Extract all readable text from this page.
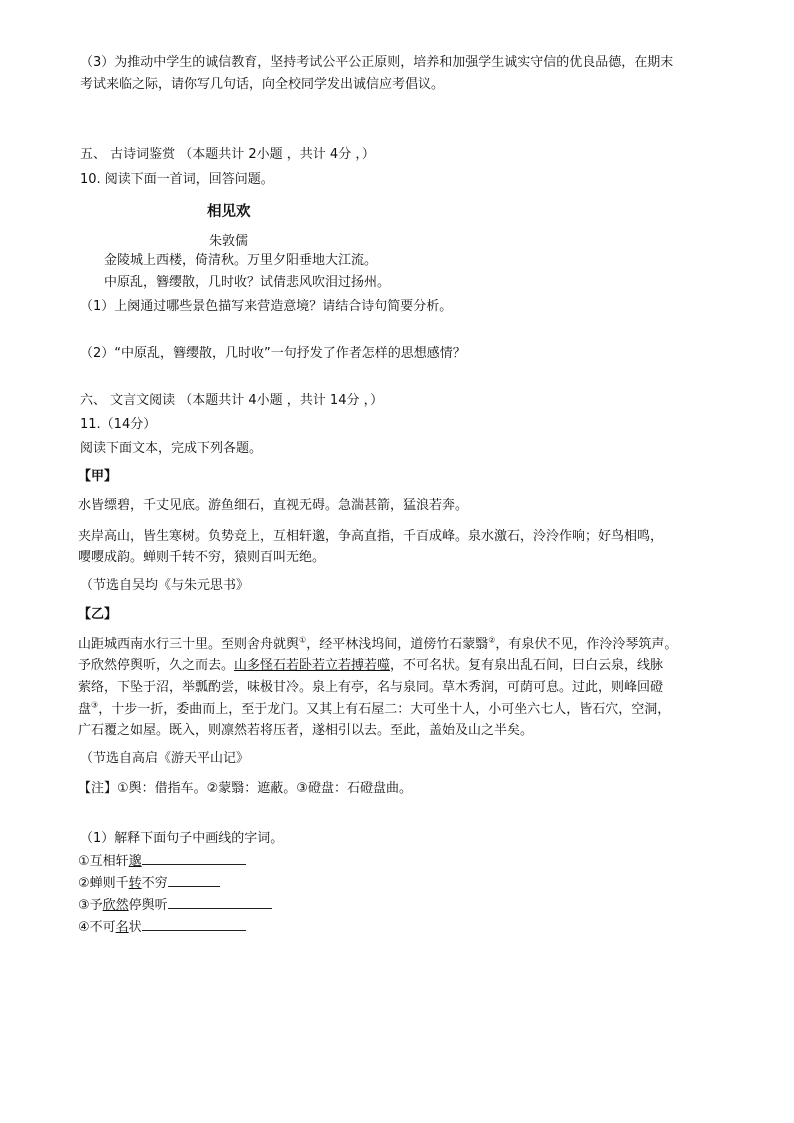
（3）为推动中学生的诚信教育，坚持考试公平公正原则，培养和加强学生诚实守信的优良品德，在期末
考试来临之际，请你写几句话，向全校同学发出诚信应考倡议。
五、 古诗词鉴赏 （本题共计 2小题 ，共计 4分 ，）
10. 阅读下面一首词，回答问题。
相见欢
朱敦儒
金陵城上西楼，倚清秋。万里夕阳垂地大江流。
中原乱，簪缨散，几时收？试倩悲风吹泪过扬州。
（1）上阕通过哪些景色描写来营造意境？请结合诗句简要分析。
（2）“中原乱，簪缨散，几时收”一句抒发了作者怎样的思想感情？
六、 文言文阅读 （本题共计 4小题 ，共计 14分 ，）
11.（14分）
阅读下面文本，完成下列各题。
【甲】
水皆缥碧，千丈见底。游鱼细石，直视无碍。急湍甚箭，猛浪若奔。
夹岸高山，皆生寒树。负势竞上，互相轩邈，争高直指，千百成峰。泉水激石，泠泠作响；好鸟相鸣，
嘤嘤成韵。蝉则千转不穷，猿则百叫无绝。
（节选自吴均《与朱元思书》
【乙】
山距城西南水行三十里。至则舍舟就舆①，经平林浅坞间，道傍竹石蒙翳②，有泉伏不见，作泠泠琴筑声。
予欣然停舆听，久之而去。山多怪石若卧若立若搏若噬，不可名状。复有泉出乱石间，曰白云泉，线脉
萦络，下坠于沼，举瓢酌尝，味极甘冷。泉上有亭，名与泉同。草木秀润，可荫可息。过此，则峰回磴
盘③，十步一折，委曲而上，至于龙门。又其上有石屋二：大可坐十人，小可坐六七人，皆石穴，空洞，
广石覆之如屋。既入，则凛然若将压者，遂相引以去。至此，盖始及山之半矣。
（节选自高启《游天平山记》
【注】①舆：借指车。②蒙翳：遮蔽。③磴盘：石磴盘曲。
（1）解释下面句子中画线的字词。
①互相轩邈
②蝉则千转不穷
③予欣然停舆听
④不可名状
